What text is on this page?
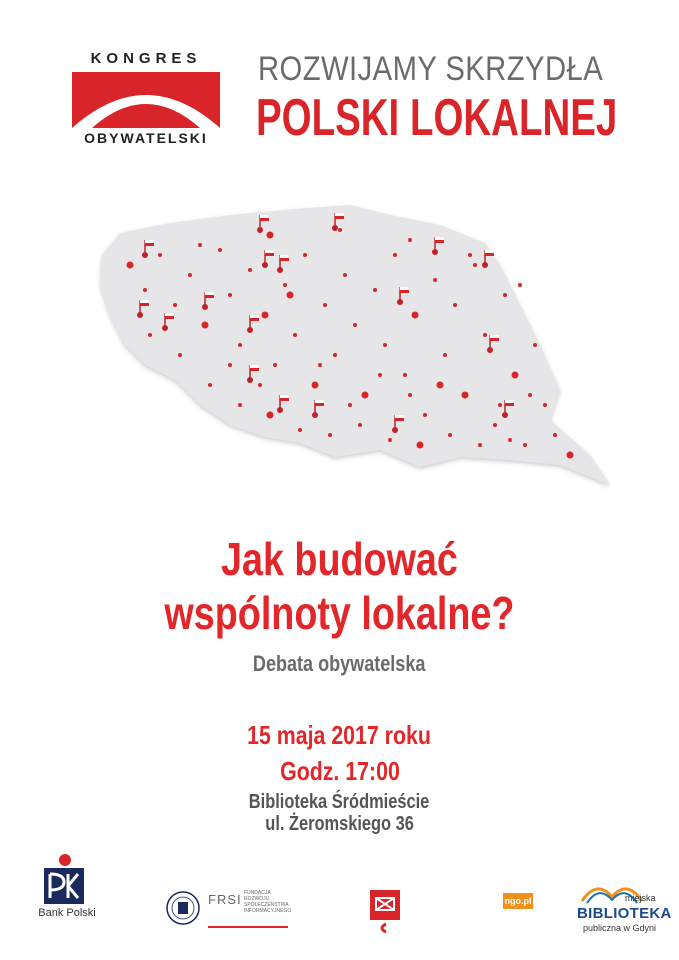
KONGRES
OBYWATELSKI
ROZWIJAMY SKRZYDŁA
POLSKI LOKALNEJ
Jak budować
wspólnoty lokalne?
Debata obywatelska
15 maja 2017 roku
Godz. 17:00
Biblioteka Śródmieście
ul. Żeromskiego 36
Bank Polski
FRSI FUNDACJA ROZWOJU SPOŁECZEŃSTWA INFORMACYJNEGO
ngo.pl	miejska
BIBLIOTEKA
publiczna w Gdyni
